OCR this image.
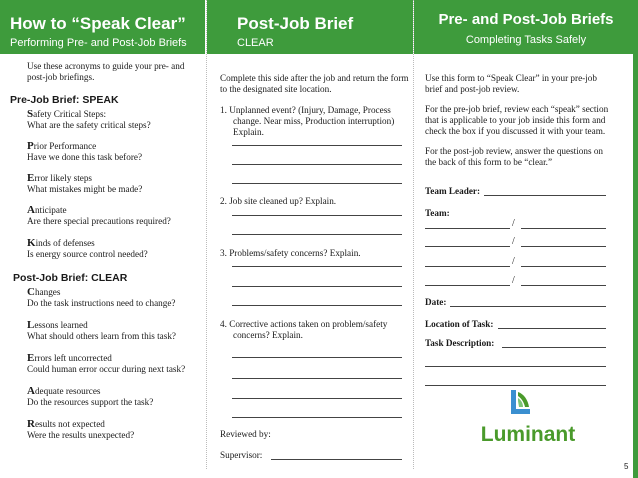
How to “Speak Clear”
Performing Pre- and Post-Job Briefs
Use these acronyms to guide your pre- and
post-job briefings.
Pre-Job Brief: SPEAK
Safety Critical Steps:
What are the safety critical steps?
Prior Performance
Have we done this task before?
Error likely steps
What mistakes might be made?
Anticipate
Are there special precautions required?
Kinds of defenses
Is energy source control needed?
Post-Job Brief: CLEAR
Changes
Do the task instructions need to change?
Lessons learned
What should others learn from this task?
Errors left uncorrected
Could human error occur during next task?
Adequate resources
Do the resources support the task?
Results not expected
Were the results unexpected?
Post-Job Brief
CLEAR
Complete this side after the job and return the form
to the designated site location.
1. Unplanned event? (Injury, Damage, Process
change. Near miss, Production interruption)
Explain.
2. Job site cleaned up? Explain.
3. Problems/safety concerns? Explain.
4. Corrective actions taken on problem/safety
concerns? Explain.
Reviewed by:
Supervisor:
Pre- and Post-Job Briefs
Completing Tasks Safely
Use this form to “Speak Clear” in your pre-job
brief and post-job review.
For the pre-job brief, review each “speak” section
that is applicable to your job inside this form and
check the box if you discussed it with your team.
For the post-job review, answer the questions on
the back of this form to be “clear.”
Team Leader:
Team:
/
/
/
/
Date:
Location of Task:
Task Description:
Luminant
5
